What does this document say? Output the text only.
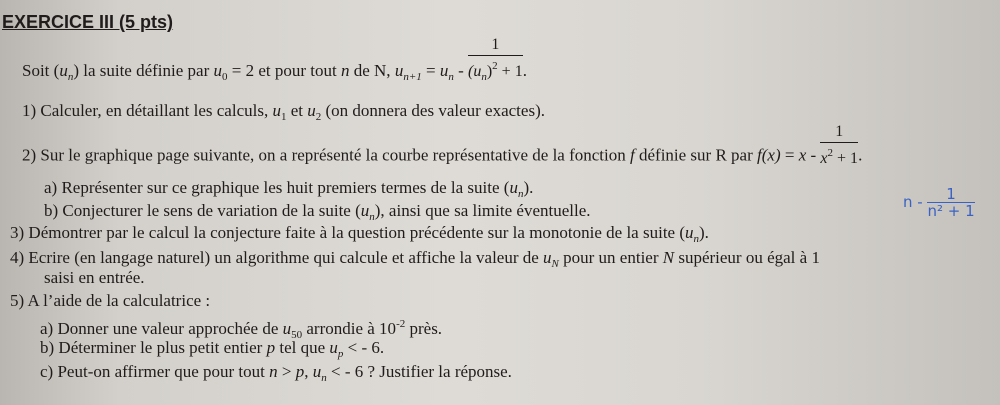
EXERCICE III (5 pts)
Soit $(u_n)$ la suite définie par $u_0 = 2$ et pour tout n de N, $u_{n+1} = u_n - \frac{1}{(u_n)^2 + 1}$ .
1) Calculer, en détaillant les calculs, $u_1$ et $u_2$ (on donnera des valeur exactes).
2) Sur le graphique page suivante, on a représenté la courbe représentative de la fonction f définie sur R par $f(x) = x - \frac{1}{x^2 + 1}$ .
a) Représenter sur ce graphique les huit premiers termes de la suite $(u_n)$.
b) Conjecturer le sens de variation de la suite $(u_n)$, ainsi que sa limite éventuelle.	n - $\frac{1}{\text{n² + 1}}$
3) Démontrer par le calcul la conjecture faite à la question précédente sur la monotonie de la suite $(u_n)$.
4) Ecrire (en langage naturel) un algorithme qui calcule et affiche la valeur de $u_N$ pour un entier N supérieur ou égal à 1
saisi en entrée.
5) A l’aide de la calculatrice :
a) Donner une valeur approchée de $u_{50}$ arrondie à $10^{-2}$ près.
b) Déterminer le plus petit entier p tel que $u_p$ < - 6.
c) Peut-on affirmer que pour tout n > p, $u_n$ < - 6 ? Justifier la réponse.
